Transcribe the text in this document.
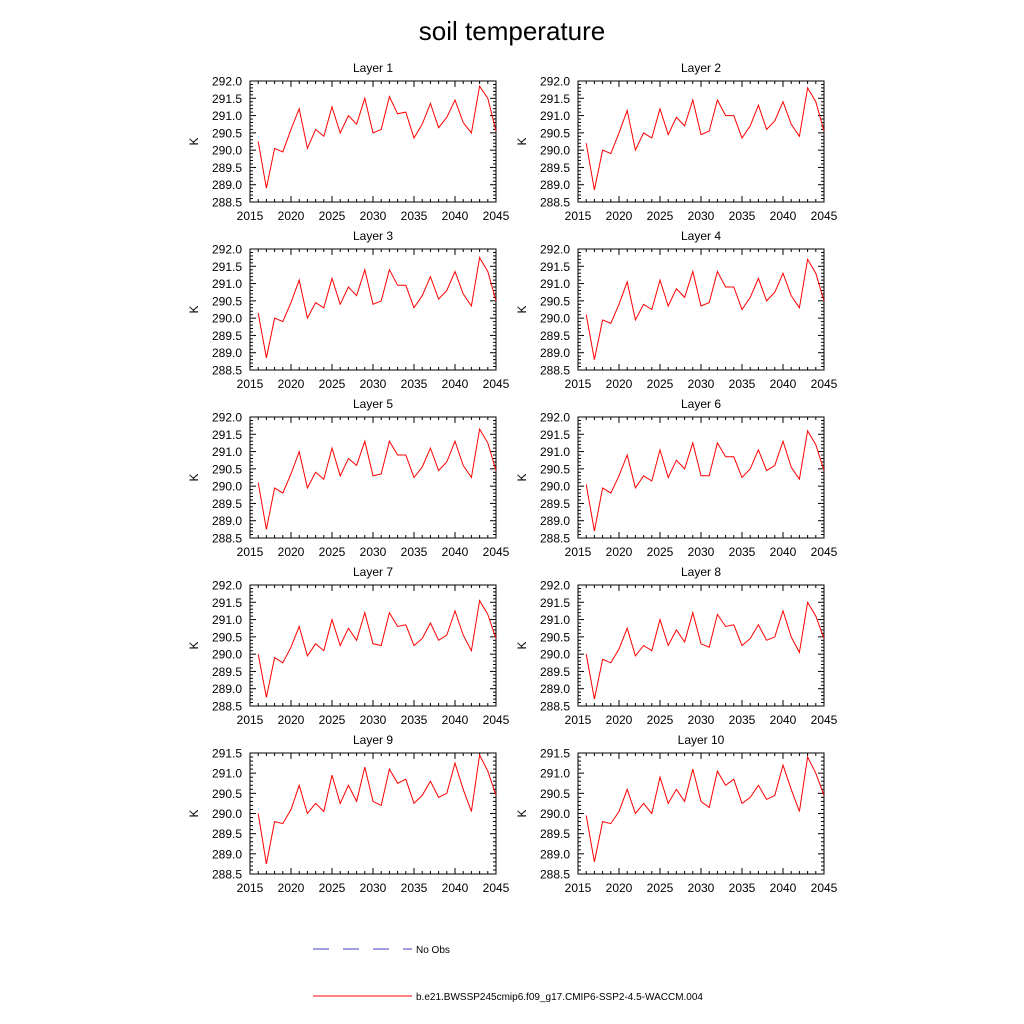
soil temperature
Layer 1
K
288.5
289.0
289.5
290.0
290.5
291.0
291.5
292.0
2015 2020 2025 2030 2035 2040 2045
Layer 2
K
288.5
289.0
289.5
290.0
290.5
291.0
291.5
292.0
2015 2020 2025 2030 2035 2040 2045
Layer 3
K
288.5
289.0
289.5
290.0
290.5
291.0
291.5
292.0
2015 2020 2025 2030 2035 2040 2045
Layer 4
K
288.5
289.0
289.5
290.0
290.5
291.0
291.5
292.0
2015 2020 2025 2030 2035 2040 2045
Layer 5
K
288.5
289.0
289.5
290.0
290.5
291.0
291.5
292.0
2015 2020 2025 2030 2035 2040 2045
Layer 6
K
288.5
289.0
289.5
290.0
290.5
291.0
291.5
292.0
2015 2020 2025 2030 2035 2040 2045
Layer 7
K
288.5
289.0
289.5
290.0
290.5
291.0
291.5
292.0
2015 2020 2025 2030 2035 2040 2045
Layer 8
K
288.5
289.0
289.5
290.0
290.5
291.0
291.5
292.0
2015 2020 2025 2030 2035 2040 2045
Layer 9
K
288.5
289.0
289.5
290.0
290.5
291.0
291.5
2015 2020 2025 2030 2035 2040 2045
Layer 10
K
288.5
289.0
289.5
290.0
290.5
291.0
291.5
2015 2020 2025 2030 2035 2040 2045
No Obs
b.e21.BWSSP245cmip6.f09_g17.CMIP6-SSP2-4.5-WACCM.004
